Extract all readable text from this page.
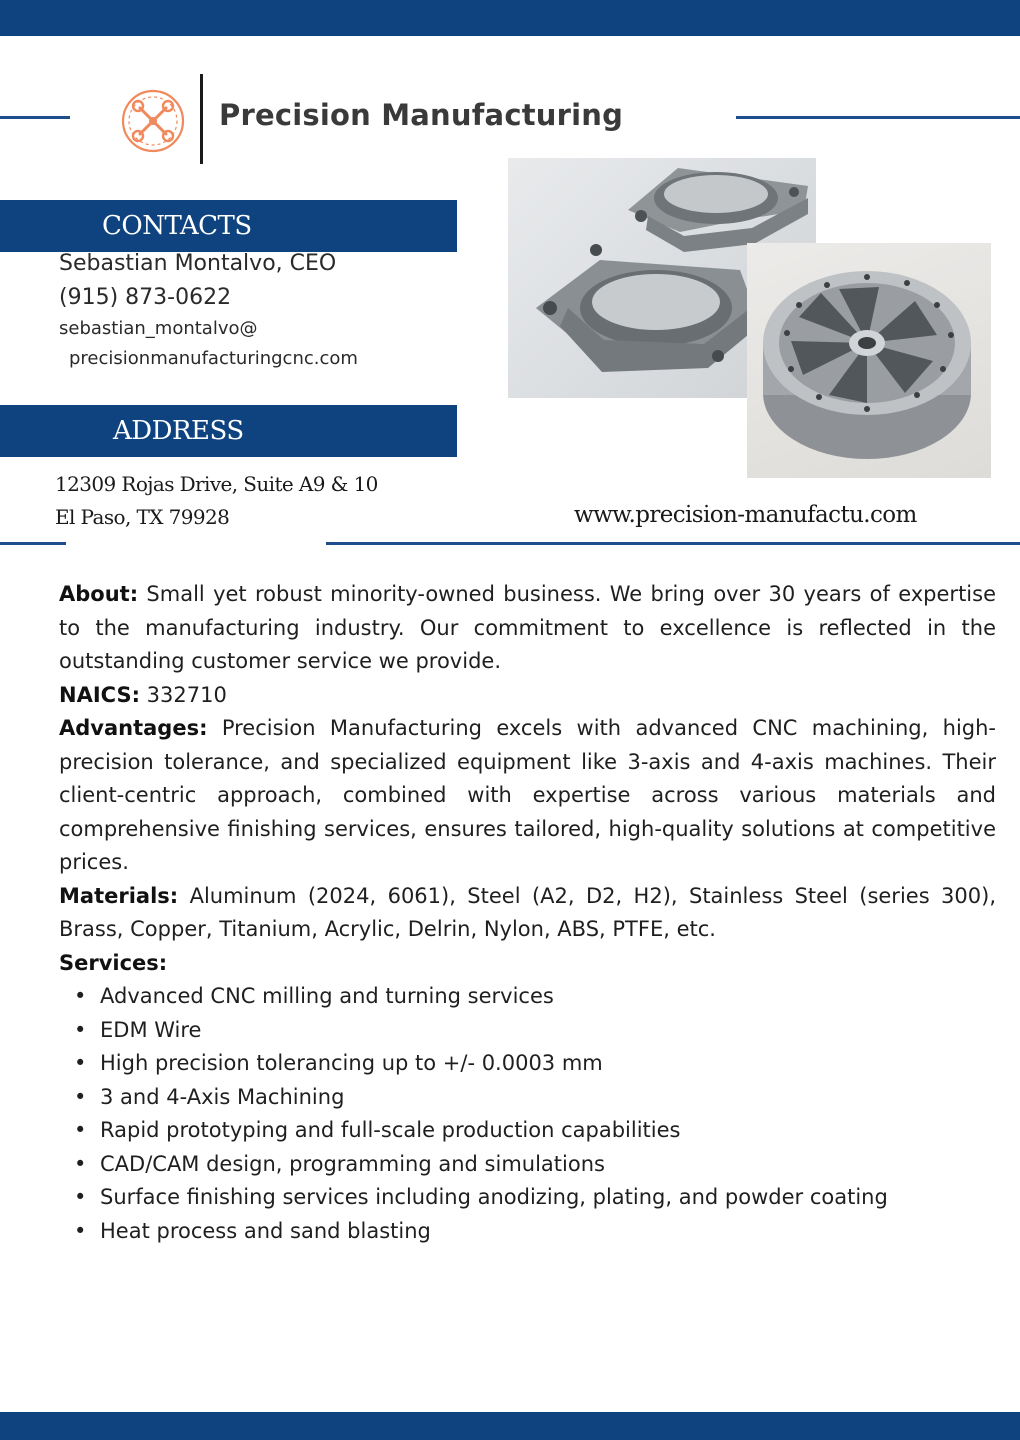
Precision Manufacturing
CONTACTS
Sebastian Montalvo, CEO
(915) 873-0622
sebastian_montalvo@
precisionmanufacturingcnc.com
ADDRESS
12309 Rojas Drive, Suite A9 & 10
El Paso, TX 79928	www.precision-manufactu.com

About: Small yet robust minority-owned business. We bring over 30 years of expertise to the manufacturing industry. Our commitment to excellence is reflected in the outstanding customer service we provide.

NAICS: 332710

Advantages: Precision Manufacturing excels with advanced CNC machining, high-precision tolerance, and specialized equipment like 3-axis and 4-axis machines. Their client-centric approach, combined with expertise across various materials and comprehensive finishing services, ensures tailored, high-quality solutions at competitive prices.

Materials: Aluminum (2024, 6061), Steel (A2, D2, H2), Stainless Steel (series 300), Brass, Copper, Titanium, Acrylic, Delrin, Nylon, ABS, PTFE, etc.

Services:

• Advanced CNC milling and turning services
• EDM Wire
• High precision tolerancing up to +/- 0.0003 mm
• 3 and 4-Axis Machining
• Rapid prototyping and full-scale production capabilities
• CAD/CAM design, programming and simulations
• Surface finishing services including anodizing, plating, and powder coating
• Heat process and sand blasting
